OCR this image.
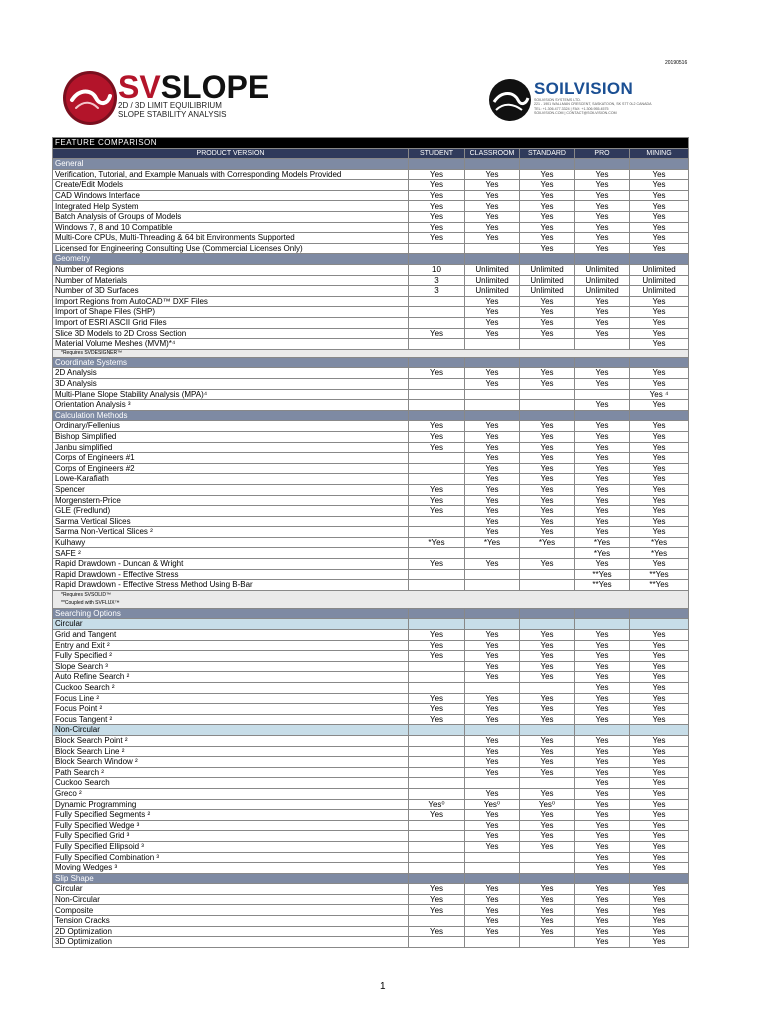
20190516
SVSLOPE
2D / 3D LIMIT EQUILIBRIUM
SLOPE STABILITY ANALYSIS
SOILVISION
SOILVISION SYSTEMS LTD.
221 - 1901 WALLMAN CRESCENT, SASKATOON, SK S7T 0L2 CANADA
TEL: +1.306.477.3324 | FAX: +1.306.955.4575
SOILVISION.COM | CONTACT@SOILVISION.COM
FEATURE COMPARISON					
PRODUCT VERSION	STUDENT	CLASSROOM	STANDARD	PRO	MINING
General					
Verification, Tutorial, and Example Manuals with Corresponding Models Provided	Yes	Yes	Yes	Yes	Yes
Create/Edit Models	Yes	Yes	Yes	Yes	Yes
CAD Windows Interface	Yes	Yes	Yes	Yes	Yes
Integrated Help System	Yes	Yes	Yes	Yes	Yes
Batch Analysis of Groups of Models	Yes	Yes	Yes	Yes	Yes
Windows 7, 8 and 10 Compatible	Yes	Yes	Yes	Yes	Yes
Multi-Core CPUs, Multi-Threading & 64 bit Environments Supported	Yes	Yes	Yes	Yes	Yes
Licensed for Engineering Consulting Use (Commercial Licenses Only)			Yes	Yes	Yes
Geometry					
Number of Regions	10	Unlimited	Unlimited	Unlimited	Unlimited
Number of Materials	3	Unlimited	Unlimited	Unlimited	Unlimited
Number of 3D Surfaces	3	Unlimited	Unlimited	Unlimited	Unlimited
Import Regions from AutoCAD™ DXF Files		Yes	Yes	Yes	Yes
Import of Shape Files (SHP)		Yes	Yes	Yes	Yes
Import of ESRI ASCII Grid Files		Yes	Yes	Yes	Yes
Slice 3D Models to 2D Cross Section	Yes	Yes	Yes	Yes	Yes
Material Volume Meshes (MVM)*⁴					Yes

*Requires SVDESIGNER™					

Coordinate Systems					
2D Analysis	Yes	Yes	Yes	Yes	Yes
3D Analysis		Yes	Yes	Yes	Yes
Multi-Plane Slope Stability Analysis (MPA)⁴					Yes ⁴
Orientation Analysis ³				Yes	Yes
Calculation Methods					
Ordinary/Fellenius	Yes	Yes	Yes	Yes	Yes
Bishop Simplified	Yes	Yes	Yes	Yes	Yes
Janbu simplified	Yes	Yes	Yes	Yes	Yes
Corps of Engineers #1		Yes	Yes	Yes	Yes
Corps of Engineers #2		Yes	Yes	Yes	Yes
Lowe-Karafiath		Yes	Yes	Yes	Yes
Spencer	Yes	Yes	Yes	Yes	Yes
Morgenstern-Price	Yes	Yes	Yes	Yes	Yes
GLE (Fredlund)	Yes	Yes	Yes	Yes	Yes
Sarma Vertical Slices		Yes	Yes	Yes	Yes
Sarma Non-Vertical Slices ²		Yes	Yes	Yes	Yes
Kulhawy	*Yes	*Yes	*Yes	*Yes	*Yes
SAFE ²				*Yes	*Yes
Rapid Drawdown - Duncan & Wright	Yes	Yes	Yes	Yes	Yes
Rapid Drawdown - Effective Stress				**Yes	**Yes
Rapid Drawdown - Effective Stress Method Using B-Bar				**Yes	**Yes

*Requires SVSOLID™
**Coupled with SVFLUX™					

Searching Options					
Circular					
Grid and Tangent	Yes	Yes	Yes	Yes	Yes
Entry and Exit ²	Yes	Yes	Yes	Yes	Yes
Fully Specified ²	Yes	Yes	Yes	Yes	Yes
Slope Search ³		Yes	Yes	Yes	Yes
Auto Refine Search ²		Yes	Yes	Yes	Yes
Cuckoo Search ²				Yes	Yes
Focus Line ²	Yes	Yes	Yes	Yes	Yes
Focus Point ²	Yes	Yes	Yes	Yes	Yes
Focus Tangent ²	Yes	Yes	Yes	Yes	Yes
Non-Circular					
Block Search Point ²		Yes	Yes	Yes	Yes
Block Search Line ²		Yes	Yes	Yes	Yes
Block Search Window ²		Yes	Yes	Yes	Yes
Path Search ²		Yes	Yes	Yes	Yes
Cuckoo Search				Yes	Yes
Greco ²		Yes	Yes	Yes	Yes
Dynamic Programming	Yes⁰	Yes⁰	Yes⁰	Yes	Yes
Fully Specified Segments ²	Yes	Yes	Yes	Yes	Yes
Fully Specified Wedge ³		Yes	Yes	Yes	Yes
Fully Specified Grid ³		Yes	Yes	Yes	Yes
Fully Specified Ellipsoid ³		Yes	Yes	Yes	Yes
Fully Specified Combination ³				Yes	Yes
Moving Wedges ³				Yes	Yes
Slip Shape					
Circular	Yes	Yes	Yes	Yes	Yes
Non-Circular	Yes	Yes	Yes	Yes	Yes
Composite	Yes	Yes	Yes	Yes	Yes
Tension Cracks		Yes	Yes	Yes	Yes
2D Optimization	Yes	Yes	Yes	Yes	Yes
3D Optimization				Yes	Yes
1
